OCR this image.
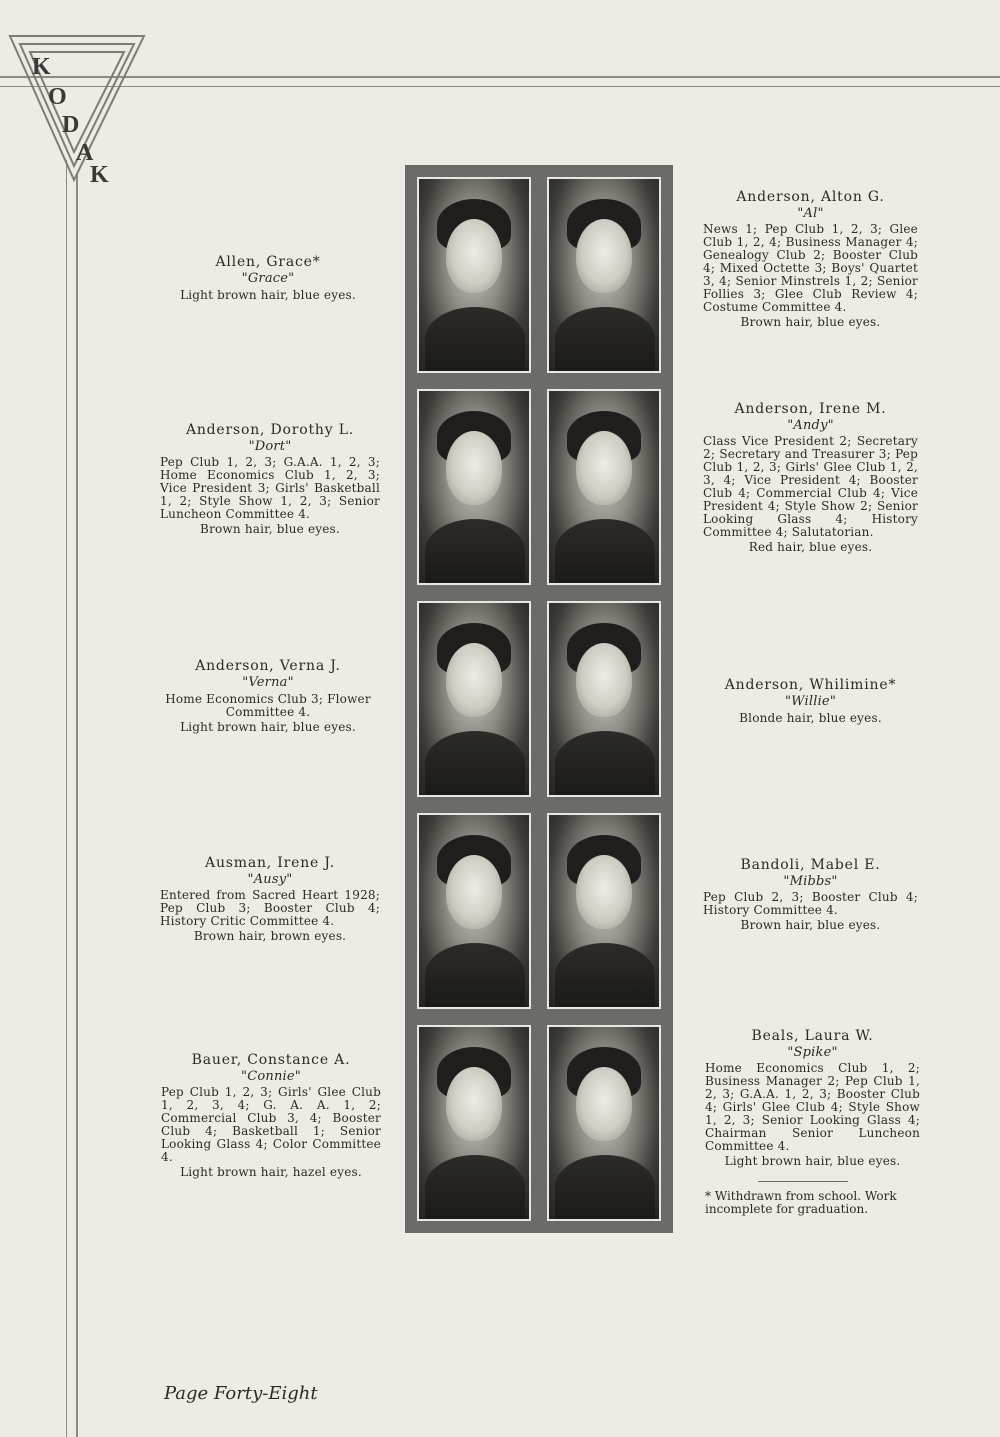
K
O
D
A
K
Allen, Grace*
"Grace"
Light brown hair, blue eyes.
Anderson, Dorothy L.
"Dort"
Pep Club 1, 2, 3; G.A.A. 1, 2, 3; Home Economics Club 1, 2, 3; Vice President 3; Girls' Basketball 1, 2; Style Show 1, 2, 3; Senior Luncheon Committee 4.
Brown hair, blue eyes.
Anderson, Verna J.
"Verna"
Home Economics Club 3; Flower Committee 4.
Light brown hair, blue eyes.
Ausman, Irene J.
"Ausy"
Entered from Sacred Heart 1928; Pep Club 3; Booster Club 4; History Critic Committee 4.
Brown hair, brown eyes.
Bauer, Constance A.
"Connie"
Pep Club 1, 2, 3; Girls' Glee Club 1, 2, 3, 4; G. A. A. 1, 2; Commercial Club 3, 4; Booster Club 4; Basketball 1; Senior Looking Glass 4; Color Committee 4.
Light brown hair, hazel eyes.
Anderson, Alton G.
"Al"
News 1; Pep Club 1, 2, 3; Glee Club 1, 2, 4; Business Manager 4; Genealogy Club 2; Booster Club 4; Mixed Octette 3; Boys' Quartet 3, 4; Senior Minstrels 1, 2; Senior Follies 3; Glee Club Review 4; Costume Committee 4.
Brown hair, blue eyes.
Anderson, Irene M.
"Andy"
Class Vice President 2; Secretary 2; Secretary and Treasurer 3; Pep Club 1, 2, 3; Girls' Glee Club 1, 2, 3, 4; Vice President 4; Booster Club 4; Commercial Club 4; Vice President 4; Style Show 2; Senior Looking Glass 4; History Committee 4; Salutatorian.
Red hair, blue eyes.
Anderson, Whilimine*
"Willie"
Blonde hair, blue eyes.
Bandoli, Mabel E.
"Mibbs"
Pep Club 2, 3; Booster Club 4; History Committee 4.
Brown hair, blue eyes.
Beals, Laura W.
"Spike"
Home Economics Club 1, 2; Business Manager 2; Pep Club 1, 2, 3; G.A.A. 1, 2, 3; Booster Club 4; Girls' Glee Club 4; Style Show 1, 2, 3; Senior Looking Glass 4; Chairman Senior Luncheon Committee 4.
Light brown hair, blue eyes.
* Withdrawn from school. Work incomplete for graduation.
Page Forty-Eight
